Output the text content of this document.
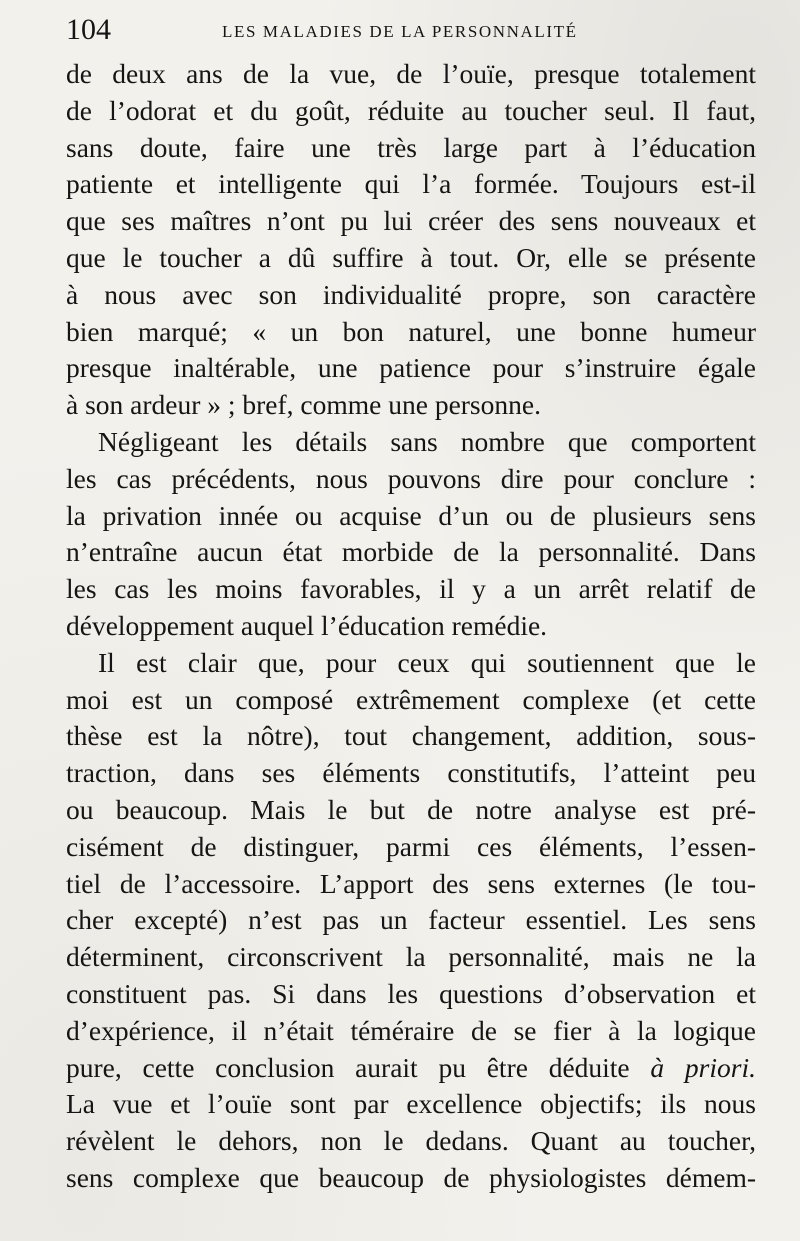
104	LES MALADIES DE LA PERSONNALITÉ
de deux ans de la vue, de l’ouïe, presque totalement
de l’odorat et du goût, réduite au toucher seul. Il faut,
sans doute, faire une très large part à l’éducation
patiente et intelligente qui l’a formée. Toujours est-il
que ses maîtres n’ont pu lui créer des sens nouveaux et
que le toucher a dû suffire à tout. Or, elle se présente
à nous avec son individualité propre, son caractère
bien marqué; « un bon naturel, une bonne humeur
presque inaltérable, une patience pour s’instruire égale
à son ardeur » ; bref, comme une personne.
Négligeant les détails sans nombre que comportent
les cas précédents, nous pouvons dire pour conclure :
la privation innée ou acquise d’un ou de plusieurs sens
n’entraîne aucun état morbide de la personnalité. Dans
les cas les moins favorables, il y a un arrêt relatif de
développement auquel l’éducation remédie.
Il est clair que, pour ceux qui soutiennent que le
moi est un composé extrêmement complexe (et cette
thèse est la nôtre), tout changement, addition, sous-
traction, dans ses éléments constitutifs, l’atteint peu
ou beaucoup. Mais le but de notre analyse est pré-
cisément de distinguer, parmi ces éléments, l’essen-
tiel de l’accessoire. L’apport des sens externes (le tou-
cher excepté) n’est pas un facteur essentiel. Les sens
déterminent, circonscrivent la personnalité, mais ne la
constituent pas. Si dans les questions d’observation et
d’expérience, il n’était téméraire de se fier à la logique
pure, cette conclusion aurait pu être déduite à priori.
La vue et l’ouïe sont par excellence objectifs; ils nous
révèlent le dehors, non le dedans. Quant au toucher,
sens complexe que beaucoup de physiologistes démem-
